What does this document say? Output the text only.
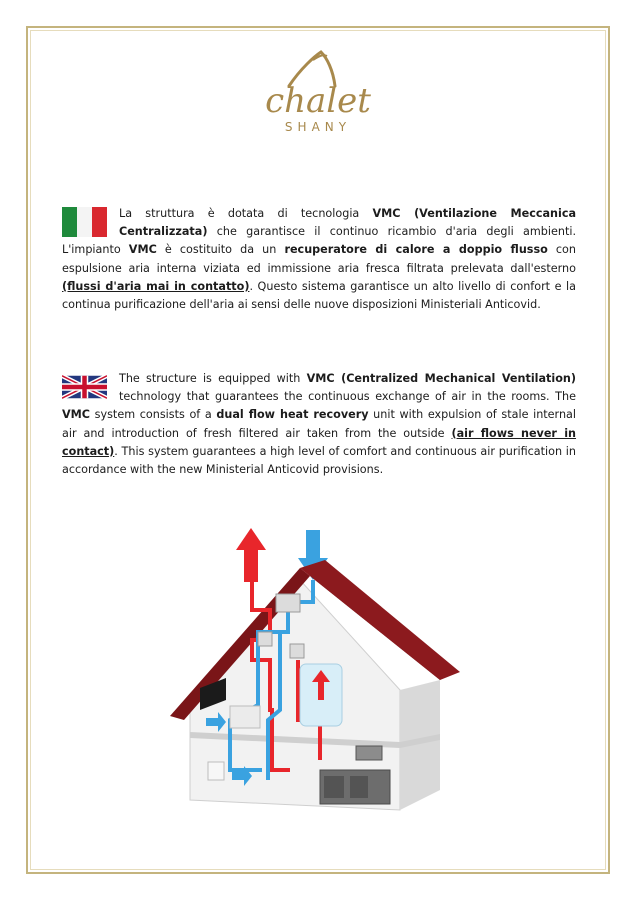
chalet
SHANY
La struttura è dotata di tecnologia VMC (Ventilazione Meccanica Centralizzata) che garantisce il continuo ricambio d'aria degli ambienti. L'impianto VMC è costituito da un recuperatore di calore a doppio flusso con espulsione aria interna viziata ed immissione aria fresca filtrata prelevata dall'esterno (flussi d'aria mai in contatto). Questo sistema garantisce un alto livello di confort e la continua purificazione dell'aria ai sensi delle nuove disposizioni Ministeriali Anticovid.
The structure is equipped with VMC (Centralized Mechanical Ventilation) technology that guarantees the continuous exchange of air in the rooms. The VMC system consists of a dual flow heat recovery unit with expulsion of stale internal air and introduction of fresh filtered air taken from the outside (air flows never in contact). This system guarantees a high level of comfort and continuous air purification in accordance with the new Ministerial Anticovid provisions.
